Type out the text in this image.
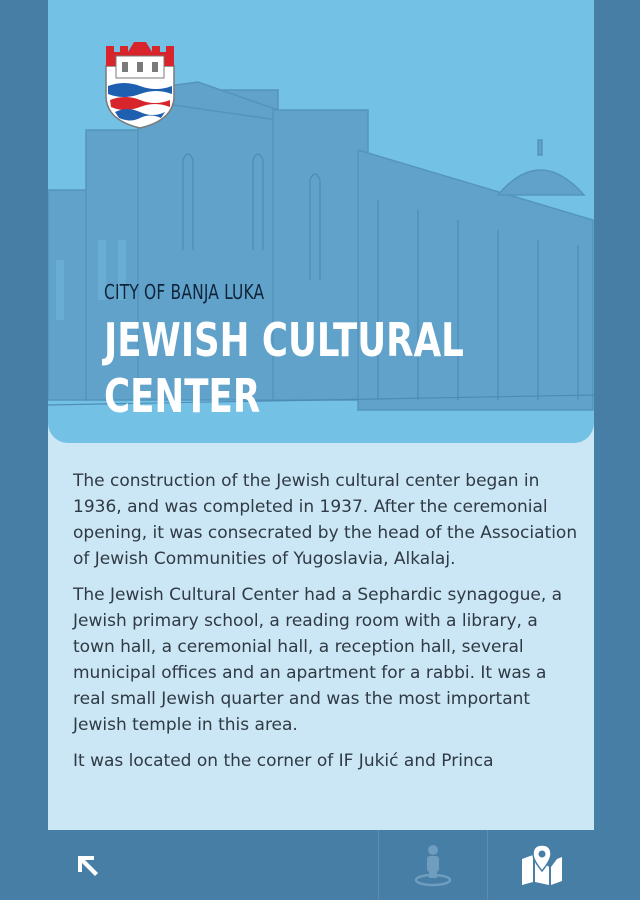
CITY OF BANJA LUKA
JEWISH CULTURAL CENTER

The construction of the Jewish cultural center began in 1936, and was completed in 1937. After the ceremonial opening, it was consecrated by the head of the Association of Jewish Communities of Yugoslavia, Alkalaj.

The Jewish Cultural Center had a Sephardic synagogue, a Jewish primary school, a reading room with a library, a town hall, a ceremonial hall, a reception hall, several municipal offices and an apartment for a rabbi. It was a real small Jewish quarter and was the most important Jewish temple in this area.

It was located on the corner of IF Jukić and Princa
